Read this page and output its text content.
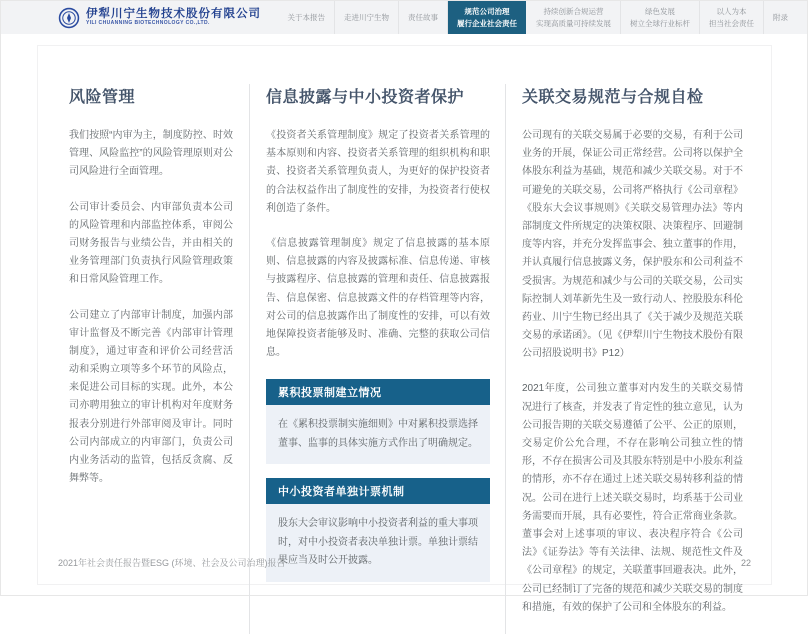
伊犁川宁生物技术股份有限公司
YILI CHUANNING BIOTECHNOLOGY CO.,LTD.
关于本报告	走进川宁生物	责任故事
规范公司治理
履行企业社会责任
持续创新合规运营
实现高质量可持续发展
绿色发展
树立全球行业标杆
以人为本
担当社会责任
附录
风险管理

我们按照“内审为主，制度防控、时效管理、风险监控”的风险管理原则对公司风险进行全面管理。

公司审计委员会、内审部负责本公司的风险管理和内部监控体系，审阅公司财务报告与业绩公告，并由相关的业务管理部门负责执行风险管理政策和日常风险管理工作。

公司建立了内部审计制度，加强内部审计监督及不断完善《内部审计管理制度》，通过审查和评价公司经营活动和采购立项等多个环节的风险点，来促进公司目标的实现。此外，本公司亦聘用独立的审计机构对年度财务报表分别进行外部审阅及审计。同时公司内部成立的内审部门，负责公司内业务活动的监管，包括反贪腐、反舞弊等。

信息披露与中小投资者保护

《投资者关系管理制度》规定了投资者关系管理的基本原则和内容、投资者关系管理的组织机构和职责、投资者关系管理负责人，为更好的保护投资者的合法权益作出了制度性的安排，为投资者行使权利创造了条件。

《信息披露管理制度》规定了信息披露的基本原则、信息披露的内容及披露标准、信息传递、审核与披露程序、信息披露的管理和责任、信息披露报告、信息保密、信息披露文件的存档管理等内容，对公司的信息披露作出了制度性的安排，可以有效地保障投资者能够及时、准确、完整的获取公司信息。

累积投票制建立情况
在《累积投票制实施细则》中对累积投票选择董事、监事的具体实施方式作出了明确规定。
中小投资者单独计票机制
股东大会审议影响中小投资者利益的重大事项时，对中小投资者表决单独计票。单独计票结果应当及时公开披露。
关联交易规范与合规自检

公司现有的关联交易属于必要的交易，有利于公司业务的开展，保证公司正常经营。公司将以保护全体股东利益为基础，规范和减少关联交易。对于不可避免的关联交易，公司将严格执行《公司章程》《股东大会议事规则》《关联交易管理办法》等内部制度文件所规定的决策权限、决策程序、回避制度等内容，并充分发挥监事会、独立董事的作用，并认真履行信息披露义务，保护股东和公司利益不受损害。为规范和减少与公司的关联交易，公司实际控制人刘革新先生及一致行动人、控股股东科伦药业、川宁生物已经出具了《关于减少及规范关联交易的承诺函》。（见《伊犁川宁生物技术股份有限公司招股说明书》P12）

2021年度，公司独立董事对内发生的关联交易情况进行了核查，并发表了肯定性的独立意见，认为公司报告期的关联交易遵循了公平、公正的原则，交易定价公允合理，不存在影响公司独立性的情形，不存在损害公司及其股东特别是中小股东利益的情形，亦不存在通过上述关联交易转移利益的情况。公司在进行上述关联交易时，均系基于公司业务需要而开展，具有必要性，符合正常商业条款。董事会对上述事项的审议、表决程序符合《公司法》《证券法》等有关法律、法规、规范性文件及《公司章程》的规定，关联董事回避表决。此外，公司已经制订了完备的规范和减少关联交易的制度和措施，有效的保护了公司和全体股东的利益。

2021年社会责任报告暨ESG (环境、社会及公司治理)报告	22
